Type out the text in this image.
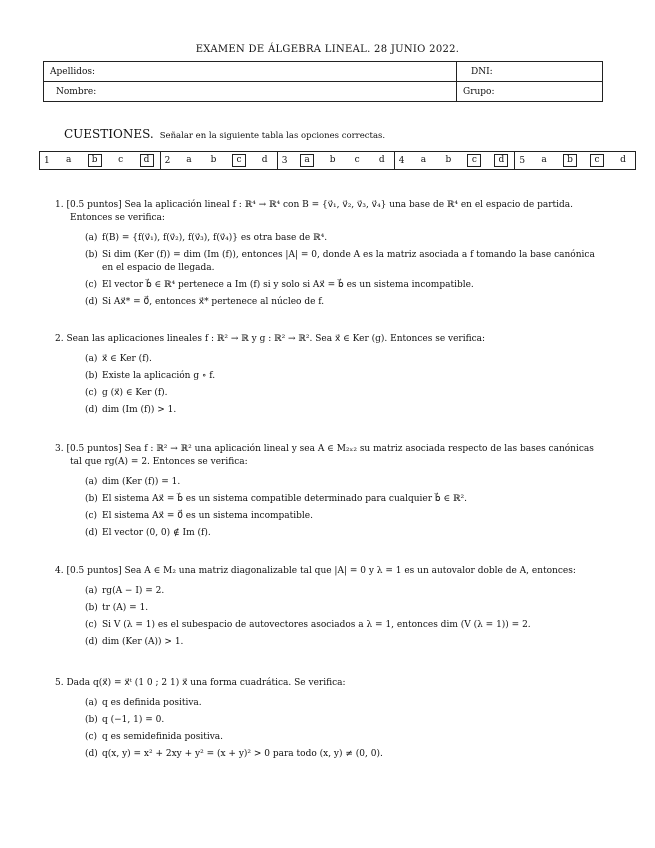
EXAMEN DE ÁLGEBRA LINEAL. 28 JUNIO 2022.
Apellidos:	DNI:
Nombre:	Grupo:
CUESTIONES. Señalar en la siguiente tabla las opciones correctas.
1	a	b	c	d	2	a	b	c	d	3	a	b	c	d	4	a	b	c	d	5	a	b	c	d
1. [0.5 puntos] Sea la aplicación lineal f : ℝ⁴ → ℝ⁴ con B = {v⃗₁, v⃗₂, v⃗₃, v⃗₄} una base de ℝ⁴ en el espacio de partida. Entonces se verifica:
(a) f(B) = {f(v⃗₁), f(v⃗₂), f(v⃗₃), f(v⃗₄)} es otra base de ℝ⁴.
(b) Si dim (Ker (f)) = dim (Im (f)), entonces |A| = 0, donde A es la matriz asociada a f tomando la base canónica en el espacio de llegada.
(c) El vector b⃗ ∈ ℝ⁴ pertenece a Im (f) si y solo si Ax⃗ = b⃗ es un sistema incompatible.
(d) Si Ax⃗* = 0⃗, entonces x⃗* pertenece al núcleo de f.
2. Sean las aplicaciones lineales f : ℝ² → ℝ y g : ℝ² → ℝ². Sea x⃗ ∈ Ker (g). Entonces se verifica:
(a) x⃗ ∈ Ker (f).
(b) Existe la aplicación g ∘ f.
(c) g (x⃗) ∈ Ker (f).
(d) dim (Im (f)) > 1.
3. [0.5 puntos] Sea f : ℝ² → ℝ² una aplicación lineal y sea A ∈ M₂ₓ₂ su matriz asociada respecto de las bases canónicas tal que rg(A) = 2. Entonces se verifica:
(a) dim (Ker (f)) = 1.
(b) El sistema Ax⃗ = b⃗ es un sistema compatible determinado para cualquier b⃗ ∈ ℝ².
(c) El sistema Ax⃗ = 0⃗ es un sistema incompatible.
(d) El vector (0, 0) ∉ Im (f).
4. [0.5 puntos] Sea A ∈ M₂ una matriz diagonalizable tal que |A| = 0 y λ = 1 es un autovalor doble de A, entonces:
(a) rg(A − I) = 2.
(b) tr (A) = 1.
(c) Si V (λ = 1) es el subespacio de autovectores asociados a λ = 1, entonces dim (V (λ = 1)) = 2.
(d) dim (Ker (A)) > 1.
5. Dada q(x⃗) = x⃗ᵗ (1 0 ; 2 1) x⃗ una forma cuadrática. Se verifica:
(a) q es definida positiva.
(b) q (−1, 1) = 0.
(c) q es semidefinida positiva.
(d) q(x, y) = x² + 2xy + y² = (x + y)² > 0 para todo (x, y) ≠ (0, 0).
